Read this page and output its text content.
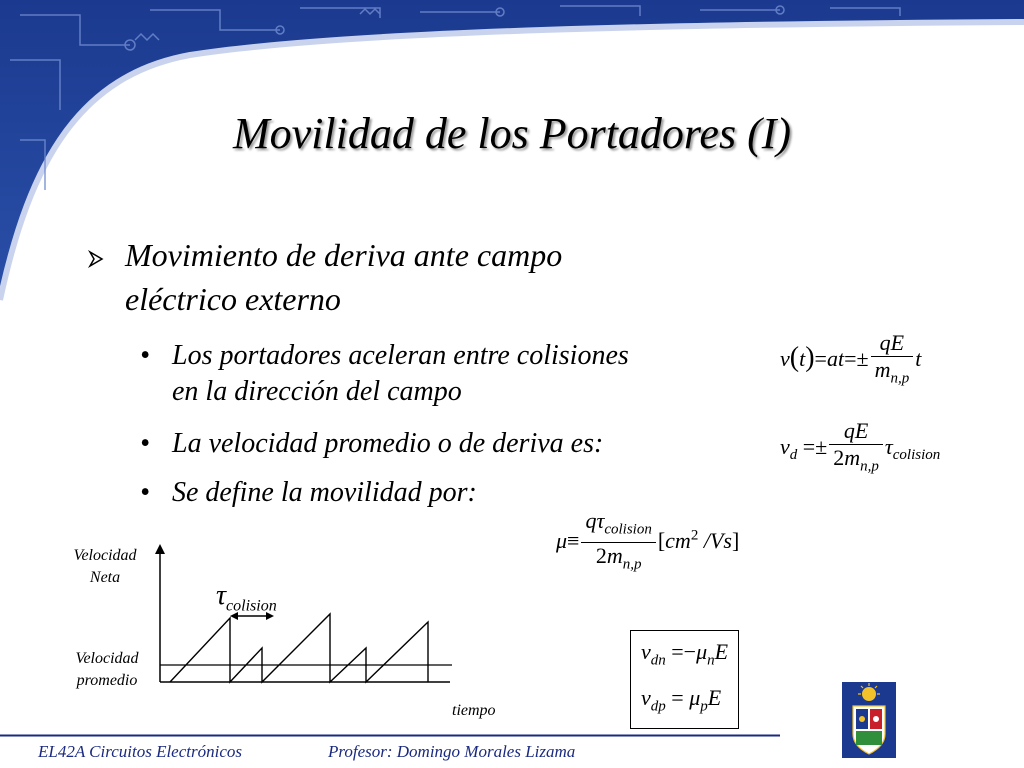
Movilidad de los Portadores (I)
Movimiento de deriva ante campo
eléctrico externo
• Los portadores aceleran entre colisiones
en la dirección del campo
• La velocidad promedio o de deriva es:
• Se define la movilidad por:
$v(t)=at=\pm \frac{qE}{m_{n,p}}$ t
$v_d =\pm \frac{qE}{2m_{n,p}} \tau_{colision}$
$\mu\equiv \frac{q\tau_{colision}}{2m_{n,p}} [cm^2$ /Vs]
$v_{dn} =-\mu_nE$
$v_{dp} = \mu_pE$
$\tau_{colision}$
Velocidad
Neta
Velocidad
promedio
tiempo
EL42A Circuitos Electrónicos	Profesor: Domingo Morales Lizama
